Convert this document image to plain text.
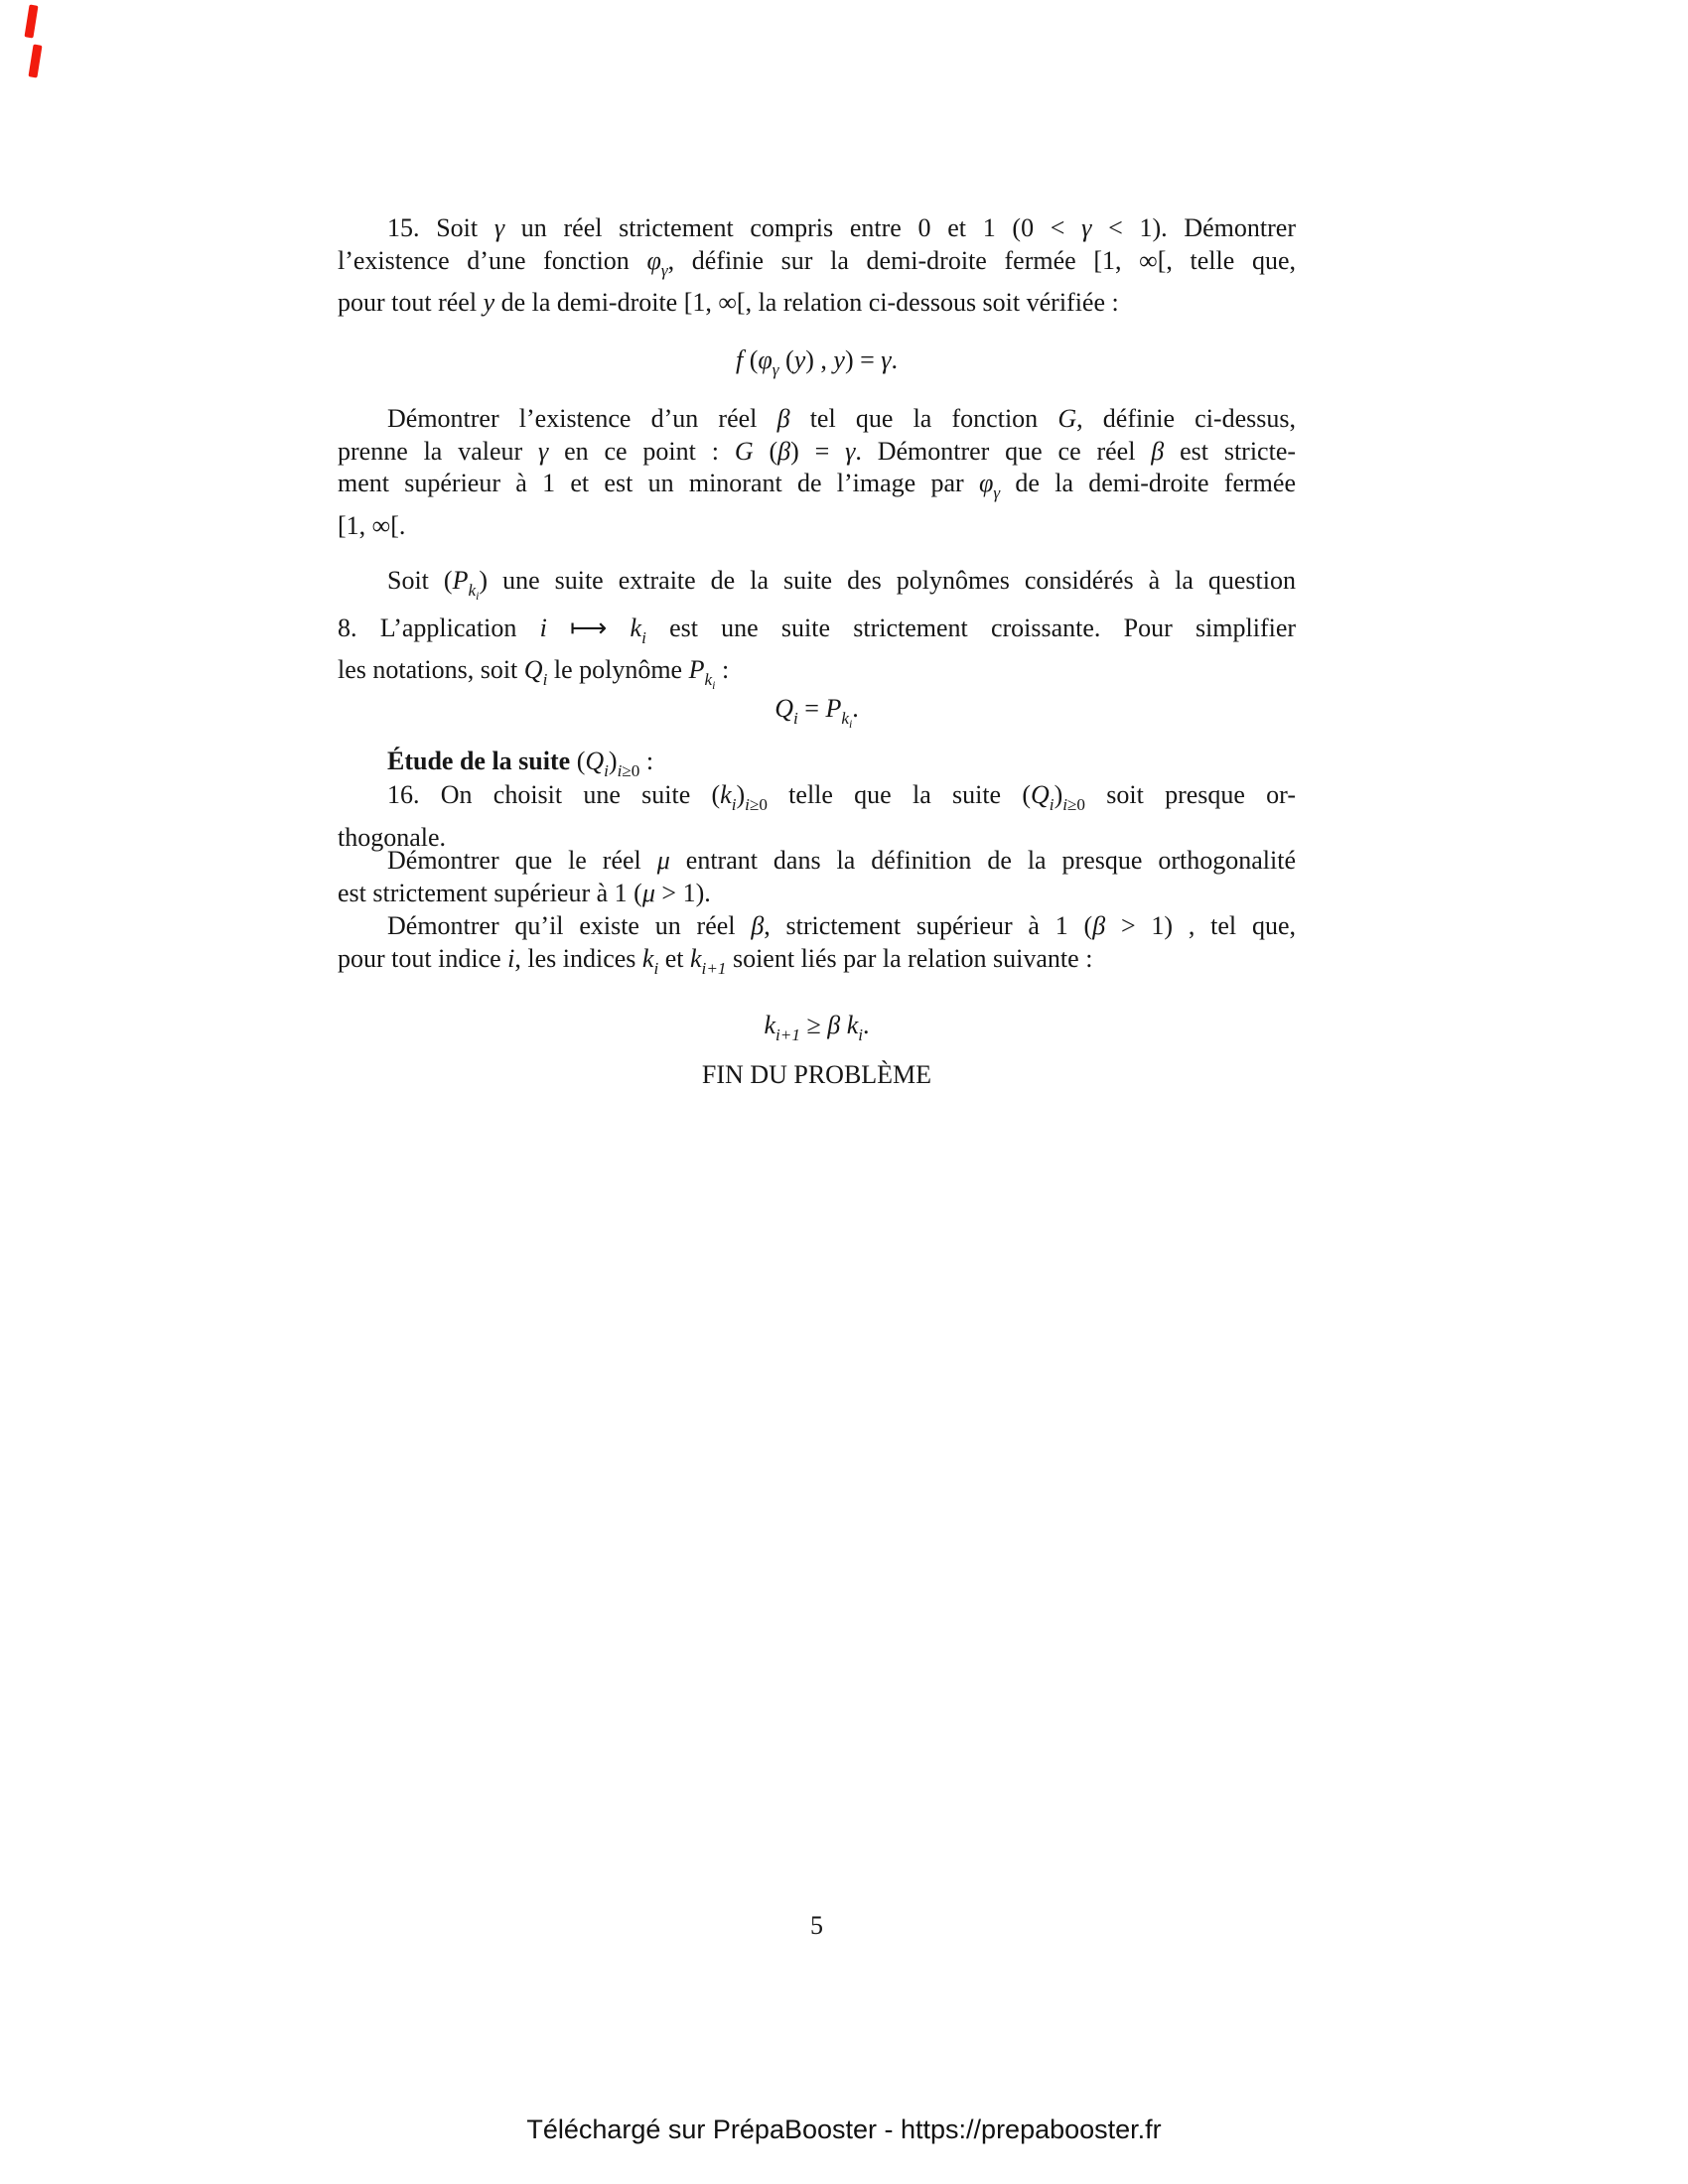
15. Soit γ un réel strictement compris entre 0 et 1 (0 < γ < 1). Démontrer
l’existence d’une fonction $\varphi_\gamma$, définie sur la demi-droite fermée [1, ∞[, telle que,
pour tout réel y de la demi-droite [1, ∞[, la relation ci-dessous soit vérifiée :
f ($\varphi_\gamma$ (y) , y) = γ.
Démontrer l’existence d’un réel β tel que la fonction G, définie ci-dessus,
prenne la valeur γ en ce point : G (β) = γ. Démontrer que ce réel β est stricte-
ment supérieur à 1 et est un minorant de l’image par $\varphi_\gamma$ de la demi-droite fermée
[1, ∞[.
Soit $(P_{ki})$ une suite extraite de la suite des polynômes considérés à la question
8. L’application i ⟼ $k_i$ est une suite strictement croissante. Pour simplifier
les notations, soit $Q_i$ le polynôme $P_{ki}$ :
$Q_i = P_{ki}$.
Étude de la suite $(Q_i)_{i\ge 0}$ :
16. On choisit une suite $(k_i)_{i\ge 0}$ telle que la suite $(Q_i)_{i\ge 0}$ soit presque or-
thogonale.
Démontrer que le réel μ entrant dans la définition de la presque orthogonalité
est strictement supérieur à 1 (μ > 1).
Démontrer qu’il existe un réel β, strictement supérieur à 1 (β > 1) , tel que,
pour tout indice i, les indices $k_i$ et $k_{i+1}$ soient liés par la relation suivante :
$k_{i+1} \ge \beta$ $k_i$.
FIN DU PROBLÈME
5
Téléchargé sur PrépaBooster - https://prepabooster.fr
